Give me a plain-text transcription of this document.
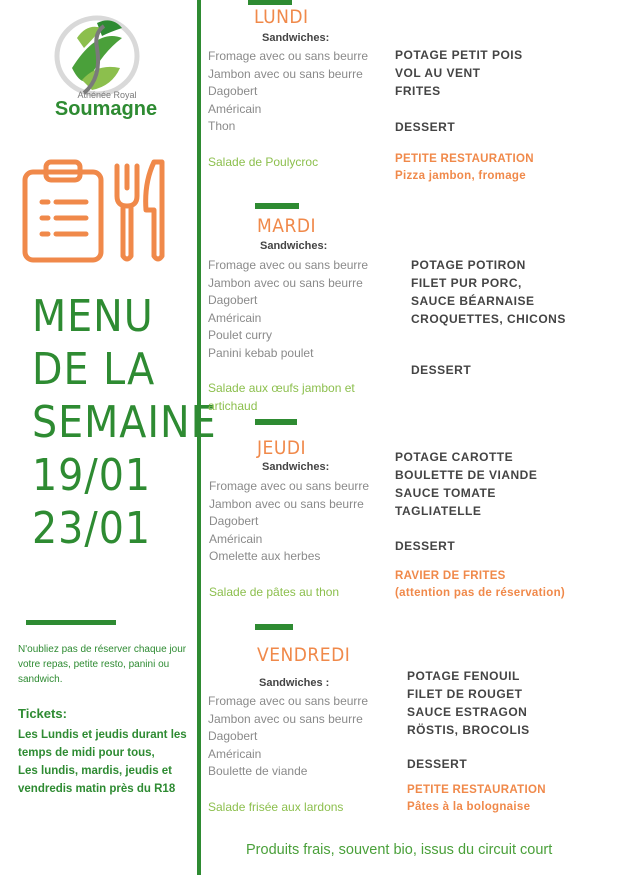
Athénée Royal
Soumagne
MENU
DE LA
SEMAINE
19/01
23/01
N'oubliez pas de réserver chaque jour votre repas, petite resto, panini ou sandwich.
Tickets:
Les Lundis et jeudis durant les temps de midi pour tous,
Les lundis, mardis, jeudis et vendredis matin près du R18
LUNDI
Sandwiches:
Fromage avec ou sans beurre
Jambon avec ou sans beurre
Dagobert
Américain
Thon
Salade de Poulycroc
POTAGE PETIT POIS
VOL AU VENT
FRITES
DESSERT
PETITE RESTAURATION
Pizza jambon, fromage
MARDI
Sandwiches:
Fromage avec ou sans beurre
Jambon avec ou sans beurre
Dagobert
Américain
Poulet curry
Panini kebab poulet
Salade aux œufs jambon et
artichaud
POTAGE POTIRON
FILET PUR PORC,
SAUCE BÉARNAISE
CROQUETTES, CHICONS
DESSERT
JEUDI
Sandwiches:
Fromage avec ou sans beurre
Jambon avec ou sans beurre
Dagobert
Américain
Omelette aux herbes
Salade de pâtes au thon
POTAGE CAROTTE
BOULETTE DE VIANDE
SAUCE TOMATE
TAGLIATELLE
DESSERT
RAVIER DE FRITES
(attention pas de réservation)
VENDREDI
Sandwiches :
Fromage avec ou sans beurre
Jambon avec ou sans beurre
Dagobert
Américain
Boulette de viande
Salade frisée aux lardons
POTAGE FENOUIL
FILET DE ROUGET
SAUCE ESTRAGON
RÖSTIS, BROCOLIS
DESSERT
PETITE RESTAURATION
Pâtes à la bolognaise
Produits frais, souvent bio, issus du circuit court
